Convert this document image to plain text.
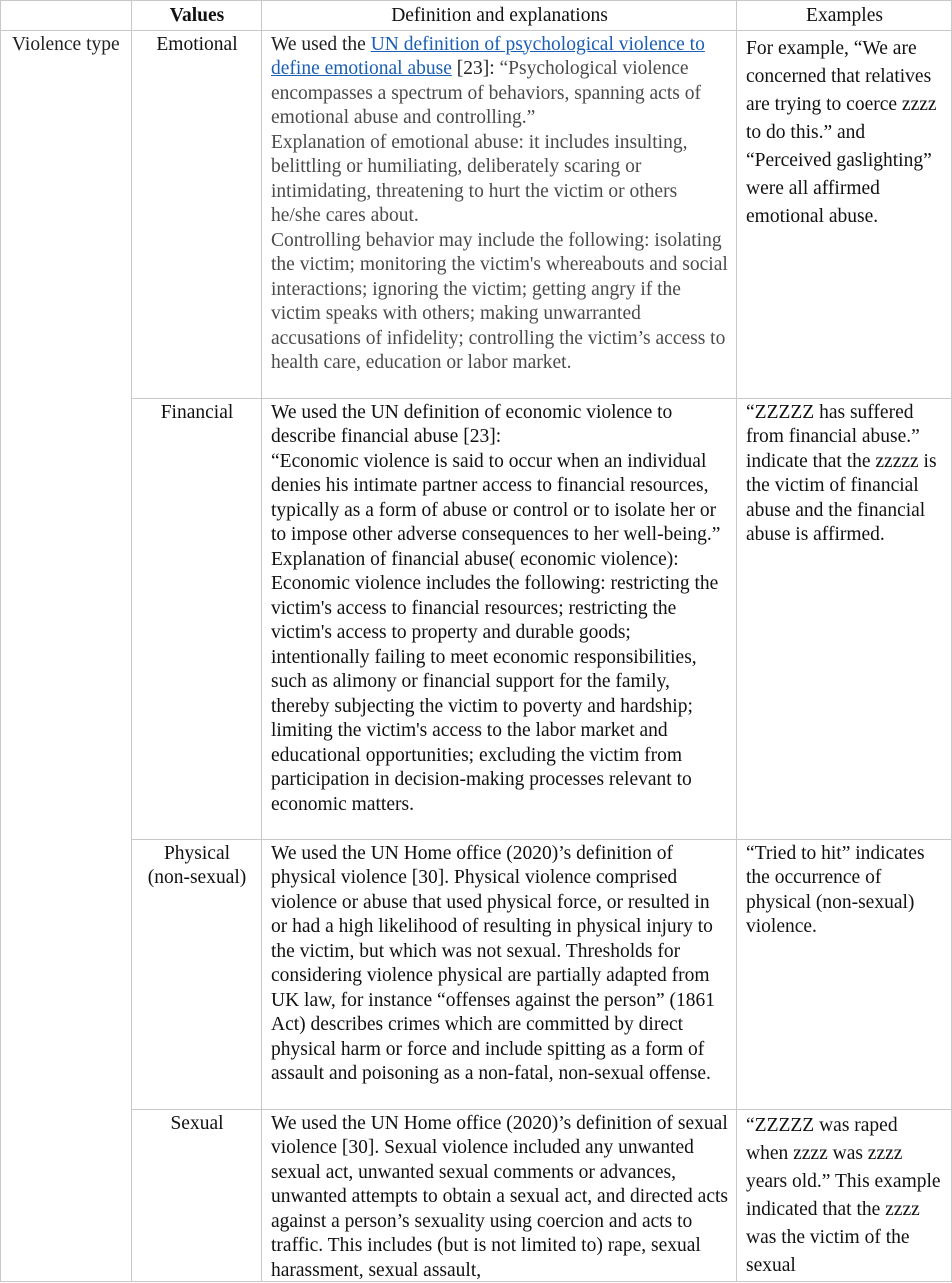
	Values	Definition and explanations	Examples
Violence type	Emotional	We used the UN definition of psychological violence to define emotional abuse [23]: “Psychological violence encompasses a spectrum of behaviors, spanning acts of emotional abuse and controlling.”

Explanation of emotional abuse: it includes insulting, belittling or humiliating, deliberately scaring or intimidating, threatening to hurt the victim or others he/she cares about.

Controlling behavior may include the following: isolating the victim; monitoring the victim's whereabouts and social interactions; ignoring the victim; getting angry if the victim speaks with others; making unwarranted accusations of infidelity; controlling the victim’s access to health care, education or labor market.	For example, “We are concerned that relatives are trying to coerce zzzz to do this.” and “Perceived gaslighting” were all affirmed emotional abuse.
	Financial	We used the UN definition of economic violence to describe financial abuse [23]:

“Economic violence is said to occur when an individual denies his intimate partner access to financial resources, typically as a form of abuse or control or to isolate her or to impose other adverse consequences to her well-being.”

Explanation of financial abuse( economic violence): Economic violence includes the following: restricting the victim's access to financial resources; restricting the victim's access to property and durable goods; intentionally failing to meet economic responsibilities, such as alimony or financial support for the family, thereby subjecting the victim to poverty and hardship; limiting the victim's access to the labor market and educational opportunities; excluding the victim from participation in decision-making processes relevant to economic matters.	“ZZZZZ has suffered from financial abuse.” indicate that the zzzzz is the victim of financial abuse and the financial abuse is affirmed.
	Physical (non-sexual)	We used the UN Home office (2020)’s definition of physical violence [30]. Physical violence comprised violence or abuse that used physical force, or resulted in or had a high likelihood of resulting in physical injury to the victim, but which was not sexual. Thresholds for considering violence physical are partially adapted from UK law, for instance “offenses against the person” (1861 Act) describes crimes which are committed by direct physical harm or force and include spitting as a form of assault and poisoning as a non-fatal, non-sexual offense.	“Tried to hit” indicates the occurrence of physical (non-sexual) violence.
	Sexual	We used the UN Home office (2020)’s definition of sexual violence [30]. Sexual violence included any unwanted sexual act, unwanted sexual comments or advances, unwanted attempts to obtain a sexual act, and directed acts against a person’s sexuality using coercion and acts to traffic. This includes (but is not limited to) rape, sexual harassment, sexual assault,	“ZZZZZ was raped when zzzz was zzzz years old.” This example indicated that the zzzz was the victim of the sexual
